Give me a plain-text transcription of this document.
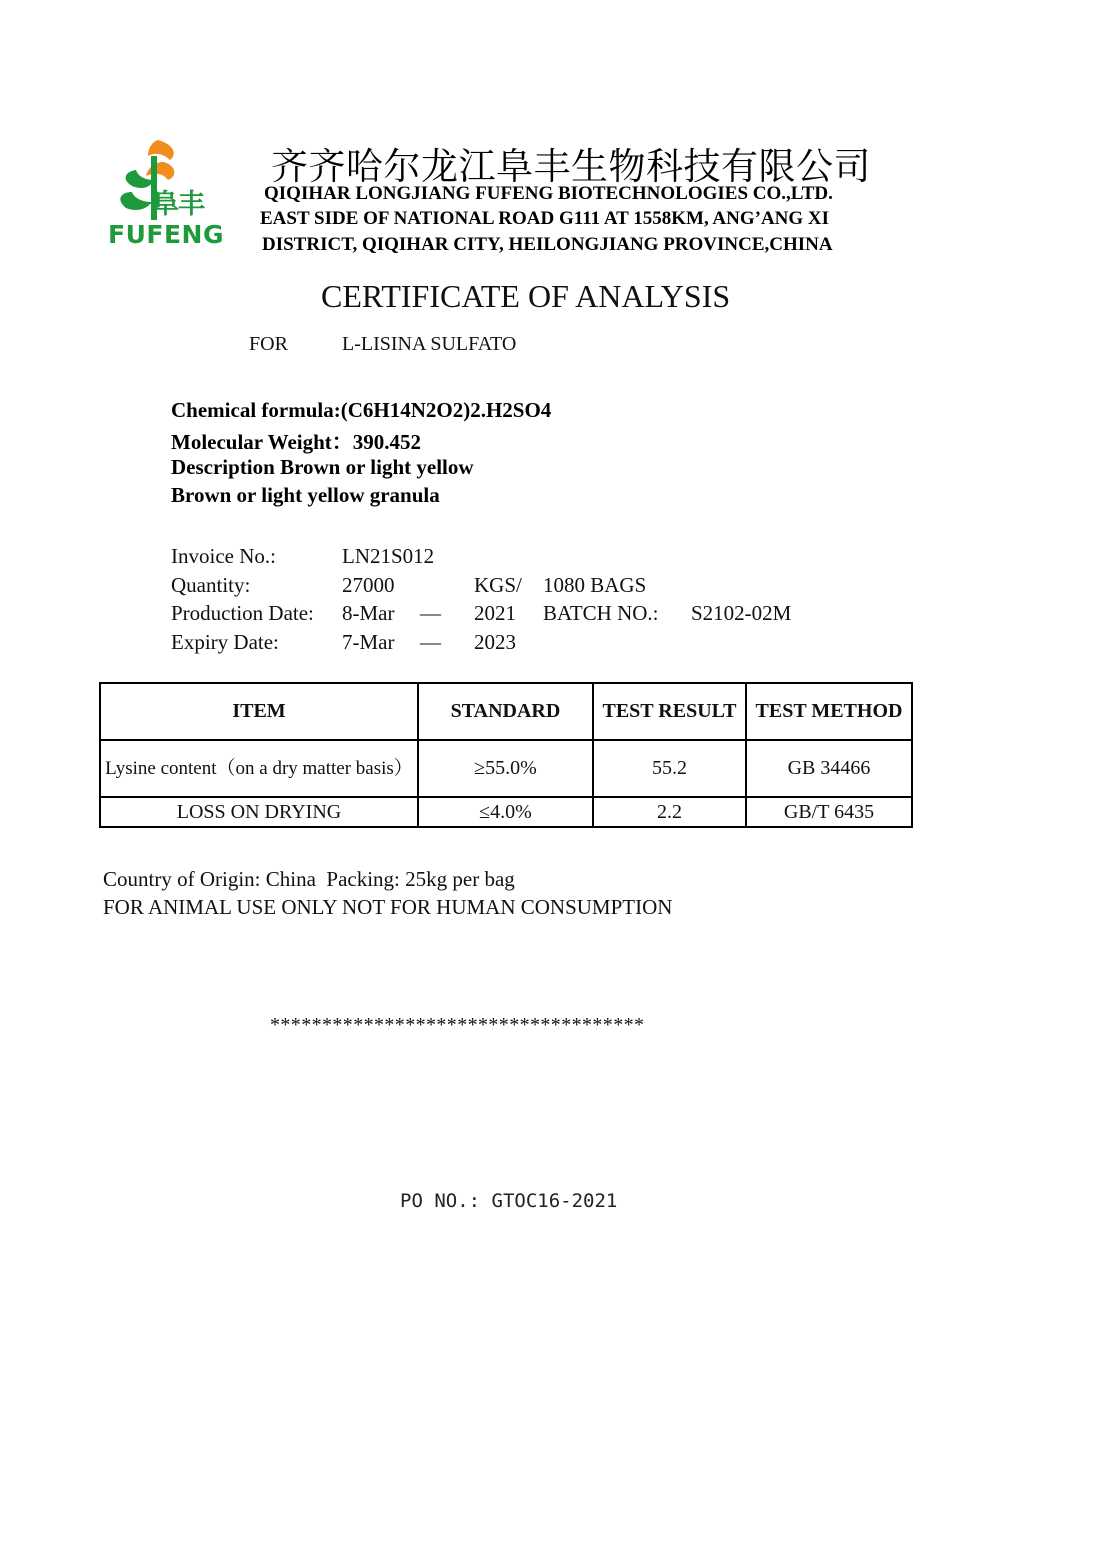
阜丰
FUFENG
齐齐哈尔龙江阜丰生物科技有限公司
QIQIHAR LONGJIANG FUFENG BIOTECHNOLOGIES CO.,LTD.
EAST SIDE OF NATIONAL ROAD G111 AT 1558KM, ANG’ANG XI
DISTRICT, QIQIHAR CITY, HEILONGJIANG PROVINCE,CHINA
CERTIFICATE OF ANALYSIS
FOR	L-LISINA SULFATO
Chemical formula:(C6H14N2O2)2.H2SO4
Molecular Weight：390.452
Description Brown or light yellow
Brown or light yellow granula
Invoice No.:	LN21S012
Quantity:	27000	KGS/ 1080 BAGS
Production Date: 8-Mar — 2021 BATCH NO.: S2102-02M
Expiry Date:	7-Mar — 2023
ITEM	STANDARD	TEST RESULT	TEST METHOD
Lysine content（on a dry matter basis）	≥55.0%	55.2	GB 34466
LOSS ON DRYING	≤4.0%	2.2	GB/T 6435
Country of Origin: China  Packing: 25kg per bag
FOR ANIMAL USE ONLY NOT FOR HUMAN CONSUMPTION
************************************
PO NO.: GTOC16-2021
